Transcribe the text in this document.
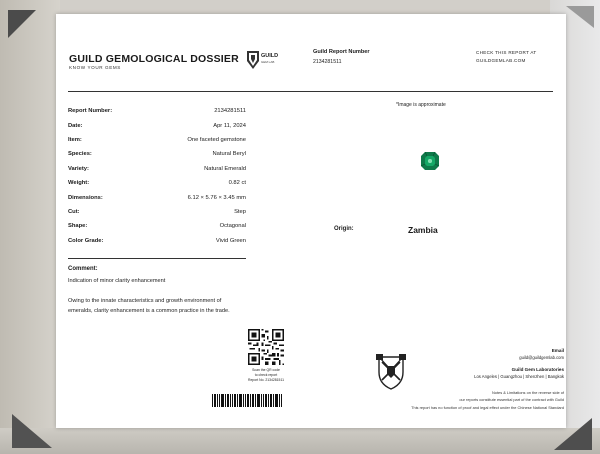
GUILD GEMOLOGICAL DOSSIER
KNOW YOUR GEMS
GUILD
GEM LAB
Guild Report Number
2134281511
CHECK THIS REPORT AT
GUILDGEMLAB.COM
Report Number:	2134281511
Date:	Apr 11, 2024
Item:	One faceted gemstone
Species:	Natural Beryl
Variety:	Natural Emerald
Weight:	0.82 ct
Dimensions:	6.12 × 5.76 × 3.45 mm
Cut:	Step
Shape:	Octagonal
Color Grade:	Vivid Green
Comment:
Indication of minor clarity enhancement
Owing to the innate characteristics and growth environment of emeralds, clarity enhancement is a common practice in the trade.
Scan the QR code
to check report
Report No. 2134281511
*Image is approximate
Origin:	Zambia
Email
guild@guildgemlab.com
Guild Gem Laboratories
Los Angeles | Guangzhou | Shenzhen | Bangkok
Notes & Limitations on the reverse side of
our reports constitute essential part of the contract with Guild
This report has no function of proof and legal effect under the Chinese National Standard
